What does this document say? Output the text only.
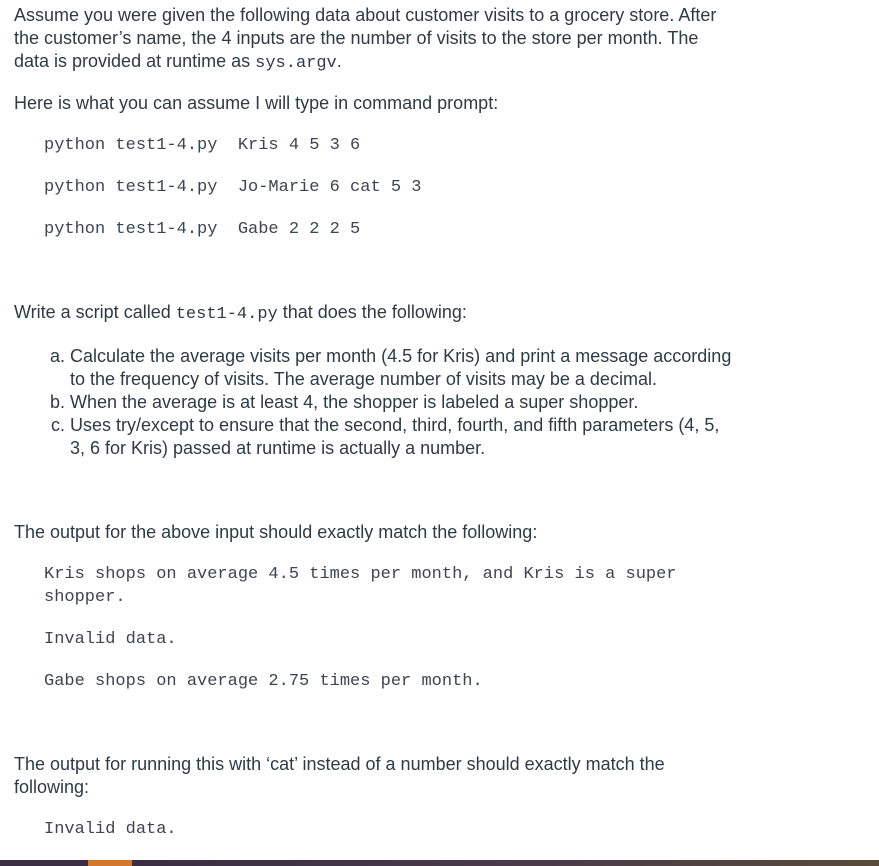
Assume you were given the following data about customer visits to a grocery store. After the customer’s name, the 4 inputs are the number of visits to the store per month. The data is provided at runtime as sys.argv.

Here is what you can assume I will type in command prompt:

python test1-4.py  Kris 4 5 3 6
python test1-4.py  Jo-Marie 6 cat 5 3
python test1-4.py  Gabe 2 2 2 5

Write a script called test1-4.py that does the following:

a. Calculate the average visits per month (4.5 for Kris) and print a message according to the frequency of visits. The average number of visits may be a decimal.
b. When the average is at least 4, the shopper is labeled a super shopper.
c. Uses try/except to ensure that the second, third, fourth, and fifth parameters (4, 5, 3, 6 for Kris) passed at runtime is actually a number.

The output for the above input should exactly match the following:

Kris shops on average 4.5 times per month, and Kris is a super shopper.
Invalid data.
Gabe shops on average 2.75 times per month.

The output for running this with ‘cat’ instead of a number should exactly match the following:

Invalid data.
